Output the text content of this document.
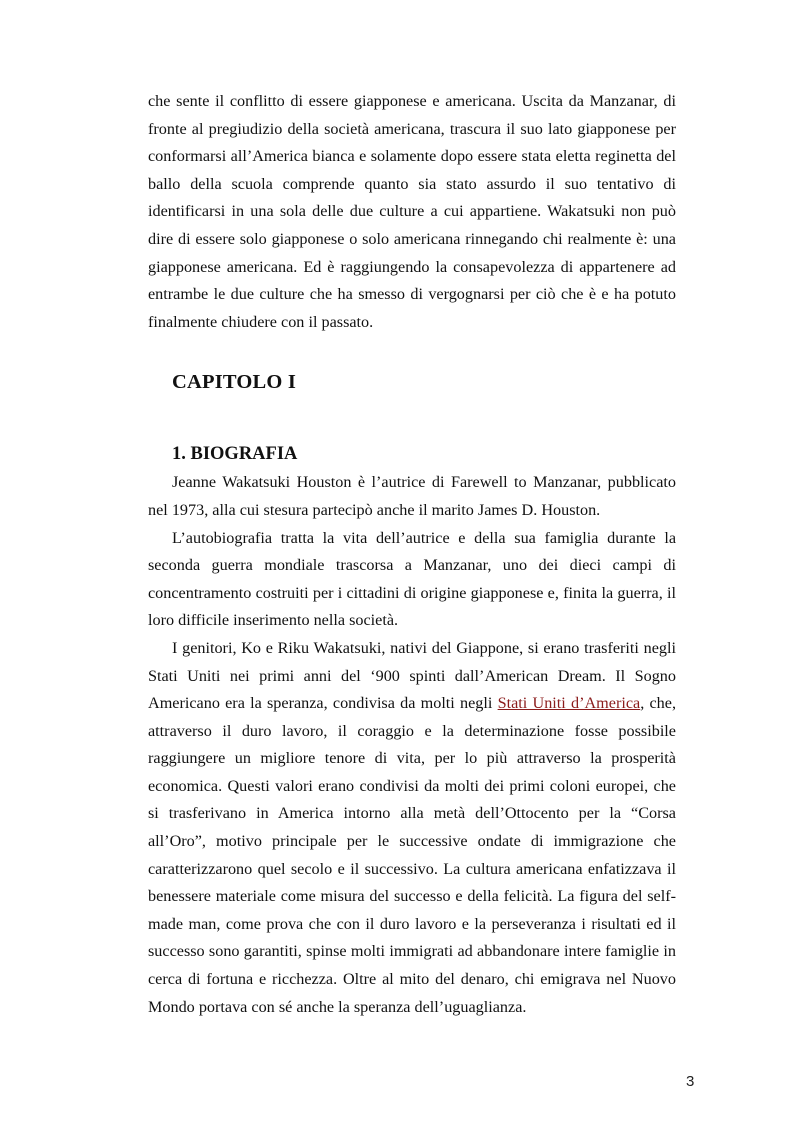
che sente il conflitto di essere giapponese e americana. Uscita da Manzanar, di fronte al pregiudizio della società americana, trascura il suo lato giapponese per conformarsi all’America bianca e solamente dopo essere stata eletta reginetta del ballo della scuola comprende quanto sia stato assurdo il suo tentativo di identificarsi in una sola delle due culture a cui appartiene. Wakatsuki non può dire di essere solo giapponese o solo americana rinnegando chi realmente è: una giapponese americana. Ed è raggiungendo la consapevolezza di appartenere ad entrambe le due culture che ha smesso di vergognarsi per ciò che è e ha potuto finalmente chiudere con il passato.

CAPITOLO I
1. BIOGRAFIA

Jeanne Wakatsuki Houston è l’autrice di Farewell to Manzanar, pubblicato nel 1973, alla cui stesura partecipò anche il marito James D. Houston.

L’autobiografia tratta la vita dell’autrice e della sua famiglia durante la seconda guerra mondiale trascorsa a Manzanar, uno dei dieci campi di concentramento costruiti per i cittadini di origine giapponese e, finita la guerra, il loro difficile inserimento nella società.

I genitori, Ko e Riku Wakatsuki, nativi del Giappone, si erano trasferiti negli Stati Uniti nei primi anni del ‘900 spinti dall’American Dream. Il Sogno Americano era la speranza, condivisa da molti negli Stati Uniti d’America, che, attraverso il duro lavoro, il coraggio e la determinazione fosse possibile raggiungere un migliore tenore di vita, per lo più attraverso la prosperità economica. Questi valori erano condivisi da molti dei primi coloni europei, che si trasferivano in America intorno alla metà dell’Ottocento per la “Corsa all’Oro”, motivo principale per le successive ondate di immigrazione che caratterizzarono quel secolo e il successivo. La cultura americana enfatizzava il benessere materiale come misura del successo e della felicità. La figura del self-made man, come prova che con il duro lavoro e la perseveranza i risultati ed il successo sono garantiti, spinse molti immigrati ad abbandonare intere famiglie in cerca di fortuna e ricchezza. Oltre al mito del denaro, chi emigrava nel Nuovo Mondo portava con sé anche la speranza dell’uguaglianza.

3
